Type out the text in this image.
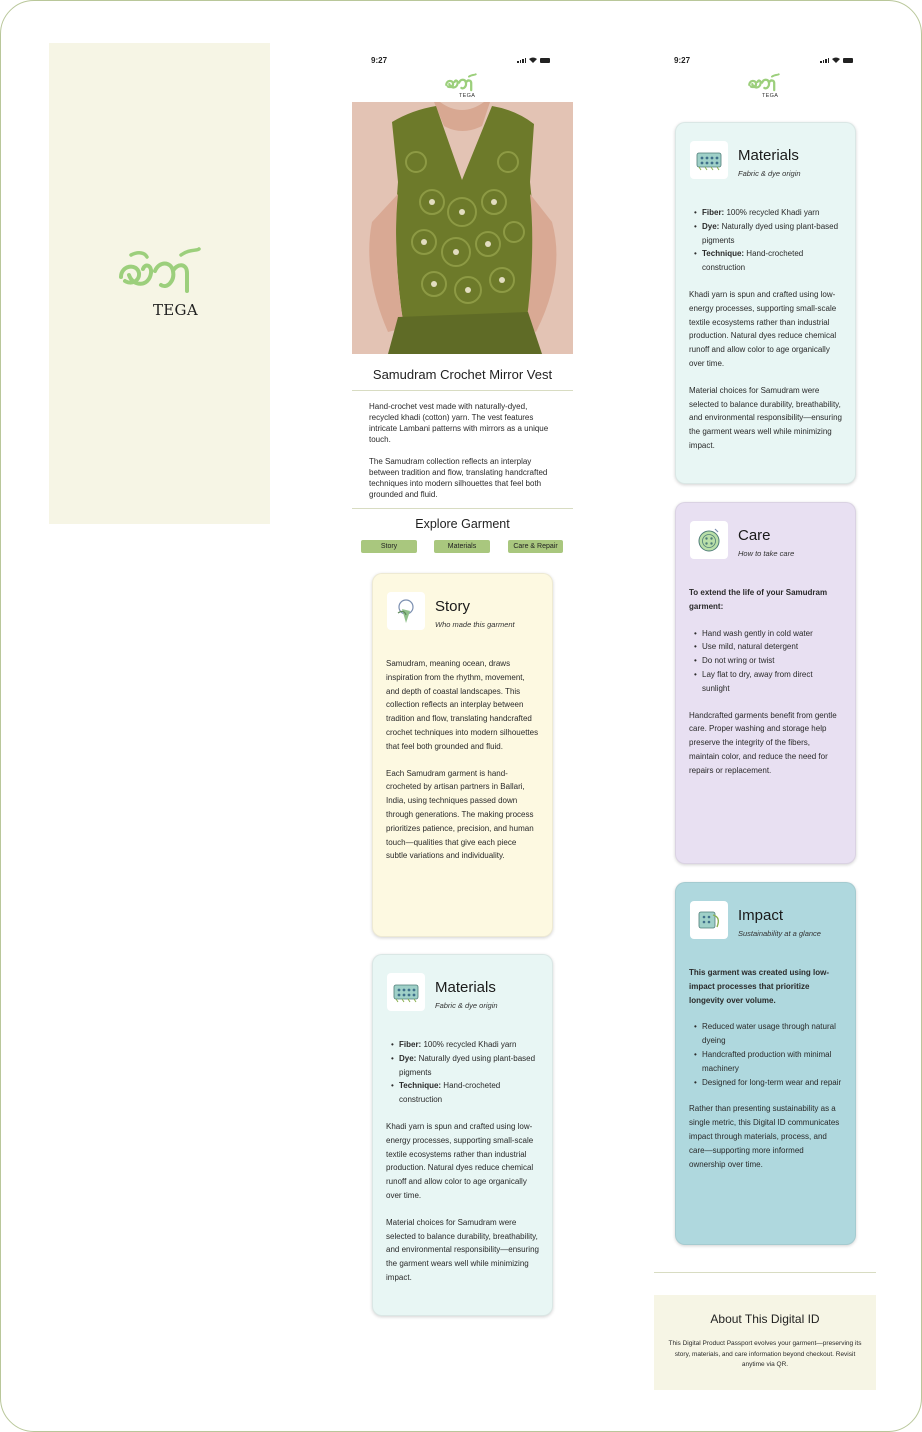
TEGA
9:27
TEGA
Samudram Crochet Mirror Vest
Hand-crochet vest made with naturally-dyed, recycled khadi (cotton) yarn. The vest features intricate Lambani patterns with mirrors as a unique touch.
The Samudram collection reflects an interplay between tradition and flow, translating handcrafted techniques into modern silhouettes that feel both grounded and fluid.
Explore Garment
Story	Materials	Care & Repair
Story
Who made this garment

Samudram, meaning ocean, draws inspiration from the rhythm, movement, and depth of coastal landscapes. This collection reflects an interplay between tradition and flow, translating handcrafted crochet techniques into modern silhouettes that feel both grounded and fluid.

Each Samudram garment is hand-crocheted by artisan partners in Ballari, India, using techniques passed down through generations. The making process prioritizes patience, precision, and human touch—qualities that give each piece subtle variations and individuality.

Materials
Fabric & dye origin
• Fiber: 100% recycled Khadi yarn
• Dye: Naturally dyed using plant-based pigments
• Technique: Hand-crocheted construction

Khadi yarn is spun and crafted using low-energy processes, supporting small-scale textile ecosystems rather than industrial production. Natural dyes reduce chemical runoff and allow color to age organically over time.

Material choices for Samudram were selected to balance durability, breathability, and environmental responsibility—ensuring the garment wears well while minimizing impact.

9:27
TEGA
Materials
Fabric & dye origin
• Fiber: 100% recycled Khadi yarn
• Dye: Naturally dyed using plant-based pigments
• Technique: Hand-crocheted construction

Khadi yarn is spun and crafted using low-energy processes, supporting small-scale textile ecosystems rather than industrial production. Natural dyes reduce chemical runoff and allow color to age organically over time.

Material choices for Samudram were selected to balance durability, breathability, and environmental responsibility—ensuring the garment wears well while minimizing impact.

Care
How to take care

To extend the life of your Samudram garment:

• Hand wash gently in cold water
• Use mild, natural detergent
• Do not wring or twist
• Lay flat to dry, away from direct sunlight

Handcrafted garments benefit from gentle care. Proper washing and storage help preserve the integrity of the fibers, maintain color, and reduce the need for repairs or replacement.

Impact
Sustainability at a glance

This garment was created using low-impact processes that prioritize longevity over volume.

• Reduced water usage through natural dyeing
• Handcrafted production with minimal machinery
• Designed for long-term wear and repair

Rather than presenting sustainability as a single metric, this Digital ID communicates impact through materials, process, and care—supporting more informed ownership over time.

About This Digital ID
This Digital Product Passport evolves your garment—preserving its story, materials, and care information beyond checkout. Revisit anytime via QR.
